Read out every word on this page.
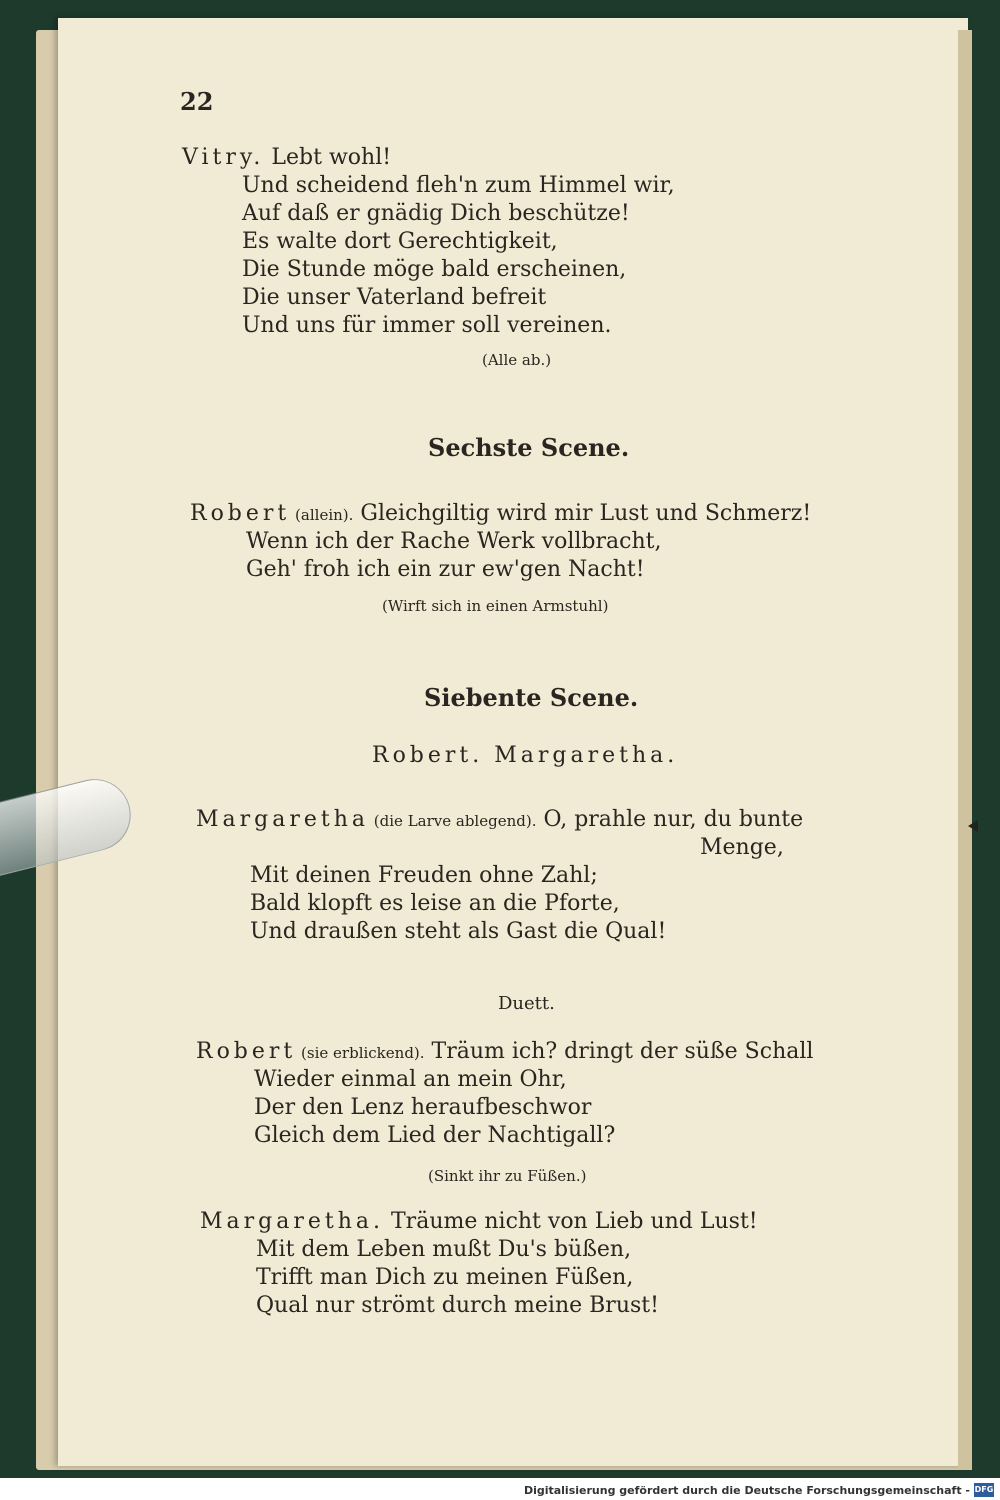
22
Vitry. Lebt wohl!
Und scheidend fleh'n zum Himmel wir,
Auf daß er gnädig Dich beschütze!
Es walte dort Gerechtigkeit,
Die Stunde möge bald erscheinen,
Die unser Vaterland befreit
Und uns für immer soll vereinen.
(Alle ab.)
Sechste Scene.
Robert (allein). Gleichgiltig wird mir Lust und Schmerz!
Wenn ich der Rache Werk vollbracht,
Geh' froh ich ein zur ew'gen Nacht!
(Wirft sich in einen Armstuhl)
Siebente Scene.
Robert. Margaretha.
Margaretha (die Larve ablegend). O, prahle nur, du bunte
Menge,
Mit deinen Freuden ohne Zahl;
Bald klopft es leise an die Pforte,
Und draußen steht als Gast die Qual!
Duett.
Robert (sie erblickend). Träum ich? dringt der süße Schall
Wieder einmal an mein Ohr,
Der den Lenz heraufbeschwor
Gleich dem Lied der Nachtigall?
(Sinkt ihr zu Füßen.)
Margaretha. Träume nicht von Lieb und Lust!
Mit dem Leben mußt Du's büßen,
Trifft man Dich zu meinen Füßen,
Qual nur strömt durch meine Brust!
Digitalisierung gefördert durch die Deutsche Forschungsgemeinschaft - DFG
